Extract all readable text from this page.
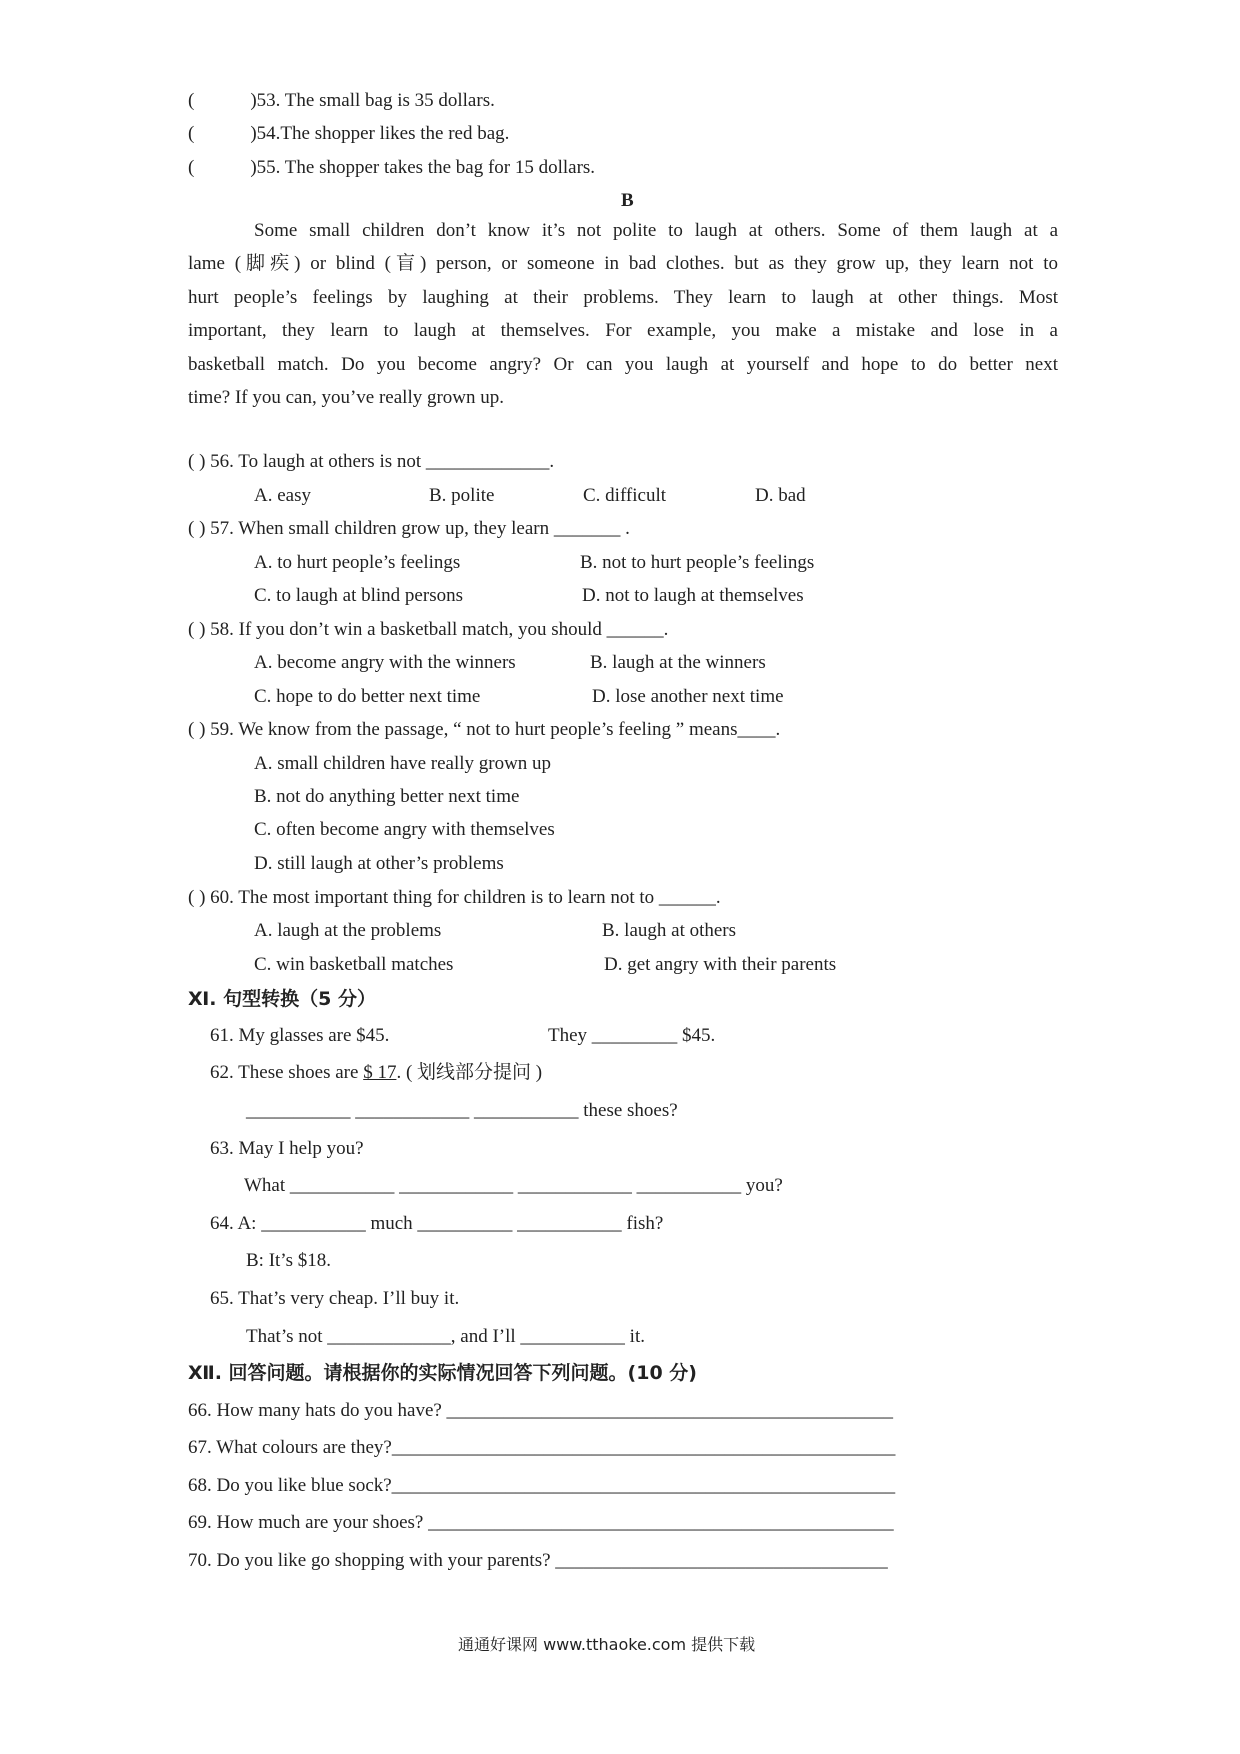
(	)53. The small bag is 35 dollars.
(	)54.The shopper likes the red bag.
(	)55. The shopper takes the bag for 15 dollars.
B
Some small children don’t know it’s not polite to laugh at others. Some of them laugh at a
lame (脚疾) or blind (盲) person, or someone in bad clothes. but as they grow up, they learn not to
hurt people’s feelings by laughing at their problems. They learn to laugh at other things. Most
important, they learn to laugh at themselves. For example, you make a mistake and lose in a
basketball match. Do you become angry? Or can you laugh at yourself and hope to do better next
time? If you can, you’ve really grown up.
( ) 56. To laugh at others is not _____________.
A. easy	B. polite	C. difficult	D. bad
( ) 57. When small children grow up, they learn _______ .
A. to hurt people’s feelings	B. not to hurt people’s feelings
C. to laugh at blind persons	D. not to laugh at themselves
( ) 58. If you don’t win a basketball match, you should ______.
A. become angry with the winners	B. laugh at the winners
C. hope to do better next time	D. lose another next time
( ) 59. We know from the passage, “ not to hurt people’s feeling ” means____.
A. small children have really grown up
B. not do anything better next time
C. often become angry with themselves
D. still laugh at other’s problems
( ) 60. The most important thing for children is to learn not to ______.
A. laugh at the problems	B. laugh at others
C. win basketball matches	D. get angry with their parents
Ⅺ. 句型转换（5 分）
61. My glasses are $45.	They _________ $45.
62. These shoes are $ 17. ( 划线部分提问 )
___________ ____________ ___________ these shoes?
63. May I help you?
What ___________ ____________ ____________ ___________ you?
64. A: ___________ much __________ ___________ fish?
B: It’s $18.
65. That’s very cheap. I’ll buy it.
That’s not _____________, and I’ll ___________ it.
Ⅻ. 回答问题。请根据你的实际情况回答下列问题。(10 分)
66. How many hats do you have? _______________________________________________
67. What colours are they?_____________________________________________________
68. Do you like blue sock?_____________________________________________________
69. How much are your shoes? _________________________________________________
70. Do you like go shopping with your parents? ___________________________________
通通好课网 www.tthaoke.com 提供下载
